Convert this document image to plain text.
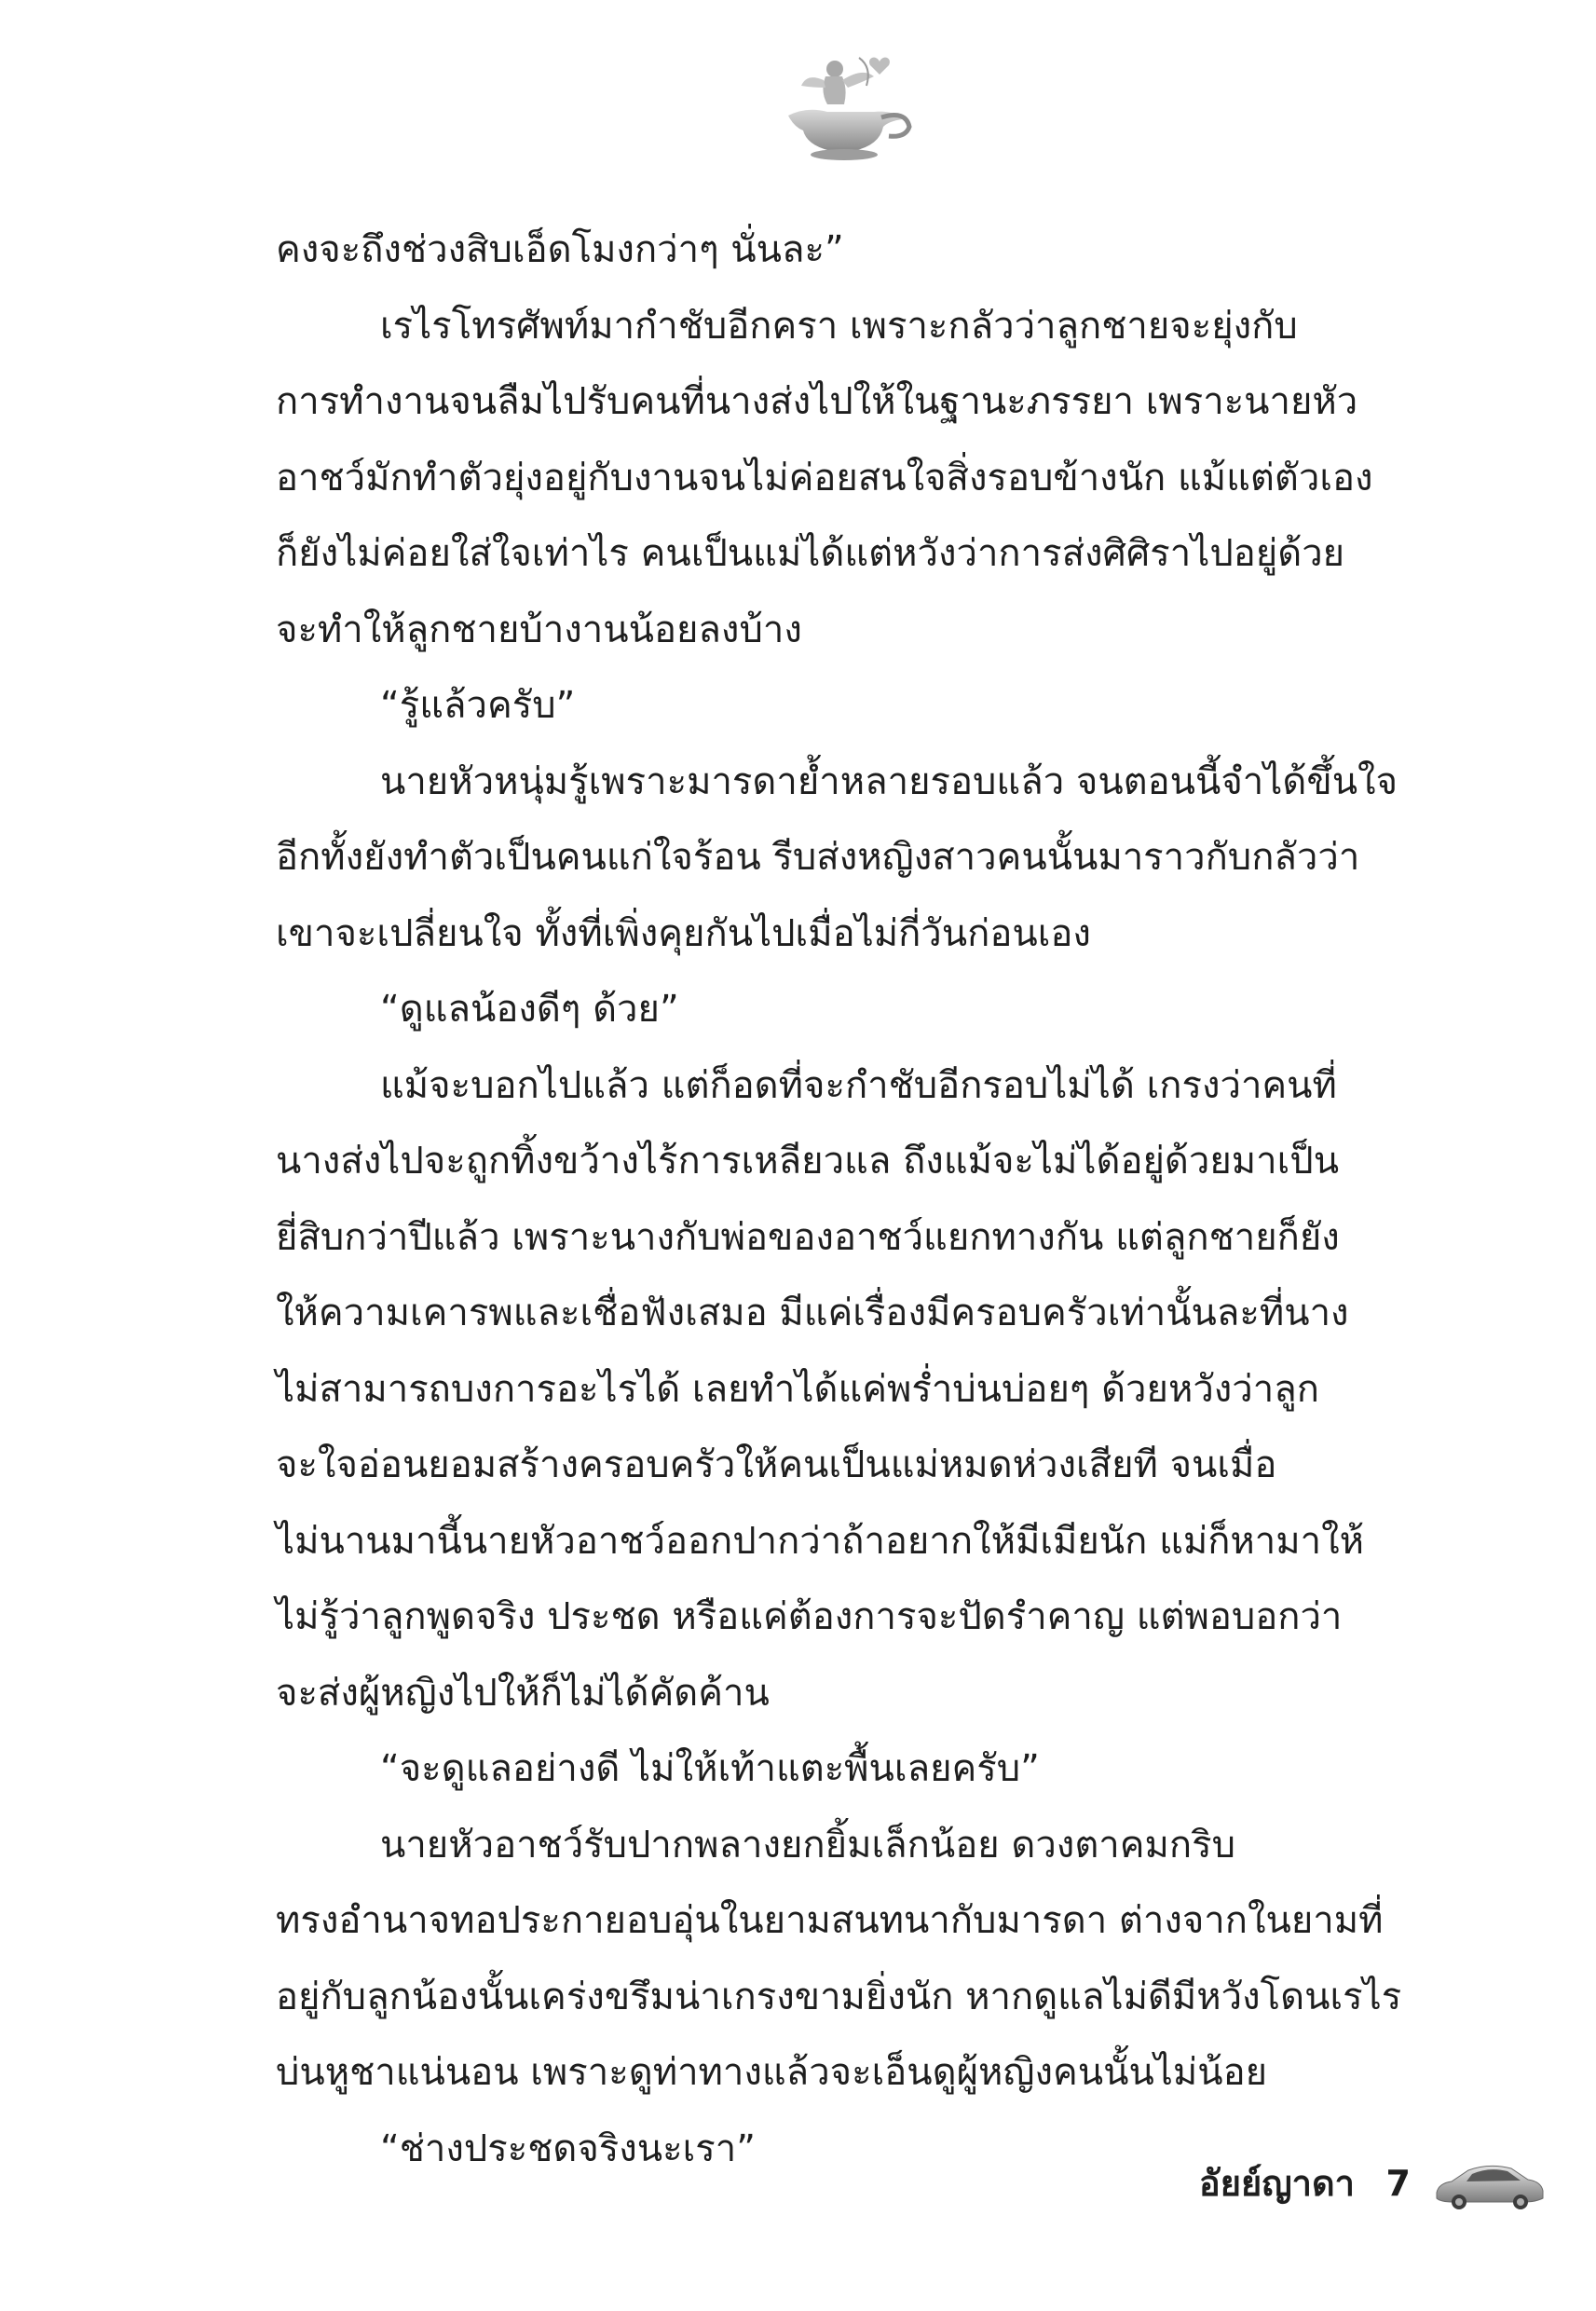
คงจะถึงช่วงสิบเอ็ดโมงกว่าๆ นั่นละ”
เรไรโทรศัพท์มากำชับอีกครา เพราะกลัวว่าลูกชายจะยุ่งกับ
การทำงานจนลืมไปรับคนที่นางส่งไปให้ในฐานะภรรยา เพราะนายหัว
อาชว์มักทำตัวยุ่งอยู่กับงานจนไม่ค่อยสนใจสิ่งรอบข้างนัก แม้แต่ตัวเอง
ก็ยังไม่ค่อยใส่ใจเท่าไร คนเป็นแม่ได้แต่หวังว่าการส่งศิศิราไปอยู่ด้วย
จะทำให้ลูกชายบ้างานน้อยลงบ้าง
“รู้แล้วครับ”
นายหัวหนุ่มรู้เพราะมารดาย้ำหลายรอบแล้ว จนตอนนี้จำได้ขึ้นใจ
อีกทั้งยังทำตัวเป็นคนแก่ใจร้อน รีบส่งหญิงสาวคนนั้นมาราวกับกลัวว่า
เขาจะเปลี่ยนใจ ทั้งที่เพิ่งคุยกันไปเมื่อไม่กี่วันก่อนเอง
“ดูแลน้องดีๆ ด้วย”
แม้จะบอกไปแล้ว แต่ก็อดที่จะกำชับอีกรอบไม่ได้ เกรงว่าคนที่
นางส่งไปจะถูกทิ้งขว้างไร้การเหลียวแล ถึงแม้จะไม่ได้อยู่ด้วยมาเป็น
ยี่สิบกว่าปีแล้ว เพราะนางกับพ่อของอาชว์แยกทางกัน แต่ลูกชายก็ยัง
ให้ความเคารพและเชื่อฟังเสมอ มีแค่เรื่องมีครอบครัวเท่านั้นละที่นาง
ไม่สามารถบงการอะไรได้ เลยทำได้แค่พร่ำบ่นบ่อยๆ ด้วยหวังว่าลูก
จะใจอ่อนยอมสร้างครอบครัวให้คนเป็นแม่หมดห่วงเสียที จนเมื่อ
ไม่นานมานี้นายหัวอาชว์ออกปากว่าถ้าอยากให้มีเมียนัก แม่ก็หามาให้
ไม่รู้ว่าลูกพูดจริง ประชด หรือแค่ต้องการจะปัดรำคาญ แต่พอบอกว่า
จะส่งผู้หญิงไปให้ก็ไม่ได้คัดค้าน
“จะดูแลอย่างดี ไม่ให้เท้าแตะพื้นเลยครับ”
นายหัวอาชว์รับปากพลางยกยิ้มเล็กน้อย ดวงตาคมกริบ
ทรงอำนาจทอประกายอบอุ่นในยามสนทนากับมารดา ต่างจากในยามที่
อยู่กับลูกน้องนั้นเคร่งขรึมน่าเกรงขามยิ่งนัก หากดูแลไม่ดีมีหวังโดนเรไร
บ่นหูชาแน่นอน เพราะดูท่าทางแล้วจะเอ็นดูผู้หญิงคนนั้นไม่น้อย
“ช่างประชดจริงนะเรา”
อัยย์ญาดา 7
